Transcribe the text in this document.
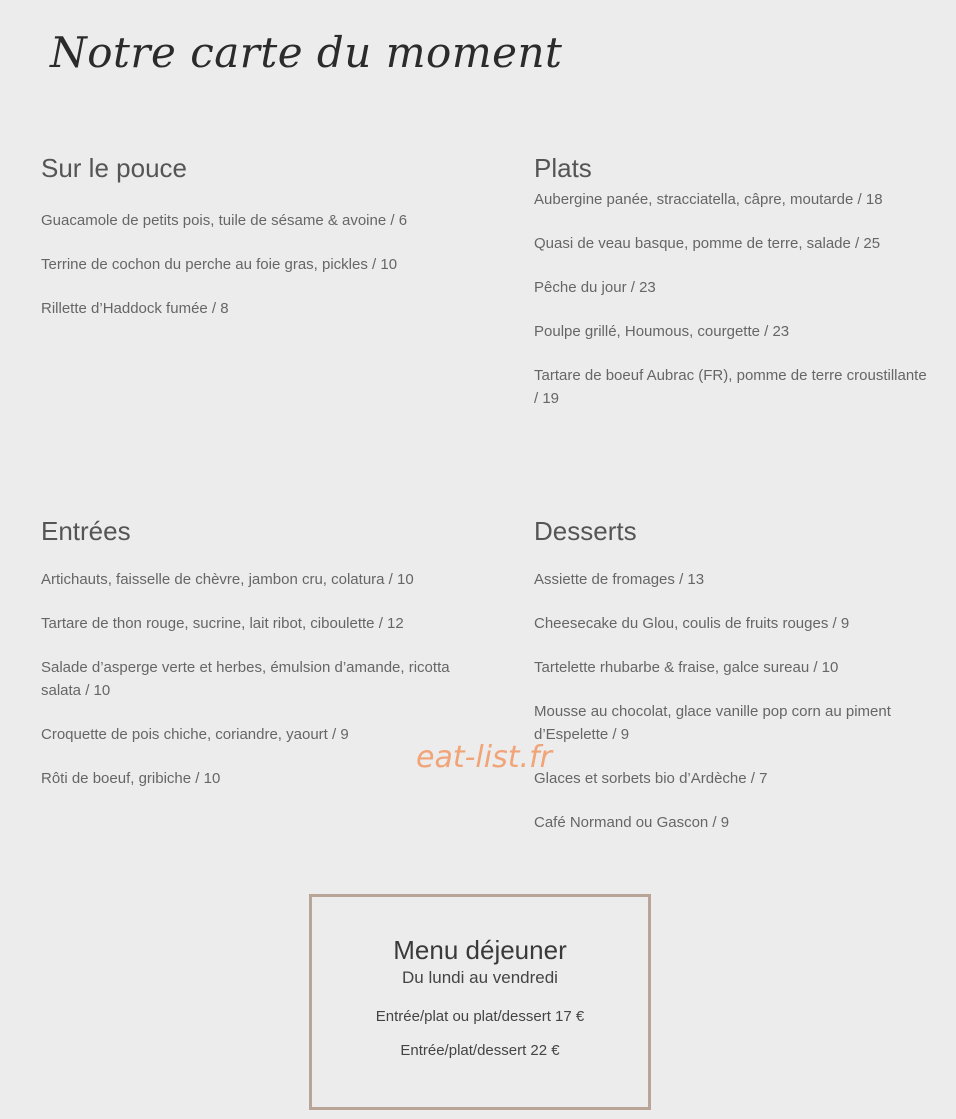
Notre carte du moment
Sur le pouce
Guacamole de petits pois, tuile de sésame & avoine / 6
Terrine de cochon du perche au foie gras, pickles / 10
Rillette d’Haddock fumée / 8
Plats
Aubergine panée, stracciatella, câpre, moutarde / 18
Quasi de veau basque, pomme de terre, salade / 25
Pêche du jour / 23
Poulpe grillé, Houmous, courgette / 23
Tartare de boeuf Aubrac (FR), pomme de terre croustillante / 19
Entrées
Artichauts, faisselle de chèvre, jambon cru, colatura / 10
Tartare de thon rouge, sucrine, lait ribot, ciboulette / 12
Salade d’asperge verte et herbes, émulsion d’amande, ricotta salata / 10
Croquette de pois chiche, coriandre, yaourt / 9
Rôti de boeuf, gribiche / 10
Desserts
Assiette de fromages / 13
Cheesecake du Glou, coulis de fruits rouges / 9
Tartelette rhubarbe & fraise, galce sureau / 10
Mousse au chocolat, glace vanille pop corn au piment d’Espelette / 9
Glaces et sorbets bio d’Ardèche / 7
Café Normand ou Gascon / 9
eat-list.fr
Menu déjeuner
Du lundi au vendredi
Entrée/plat ou plat/dessert 17 €
Entrée/plat/dessert 22 €
